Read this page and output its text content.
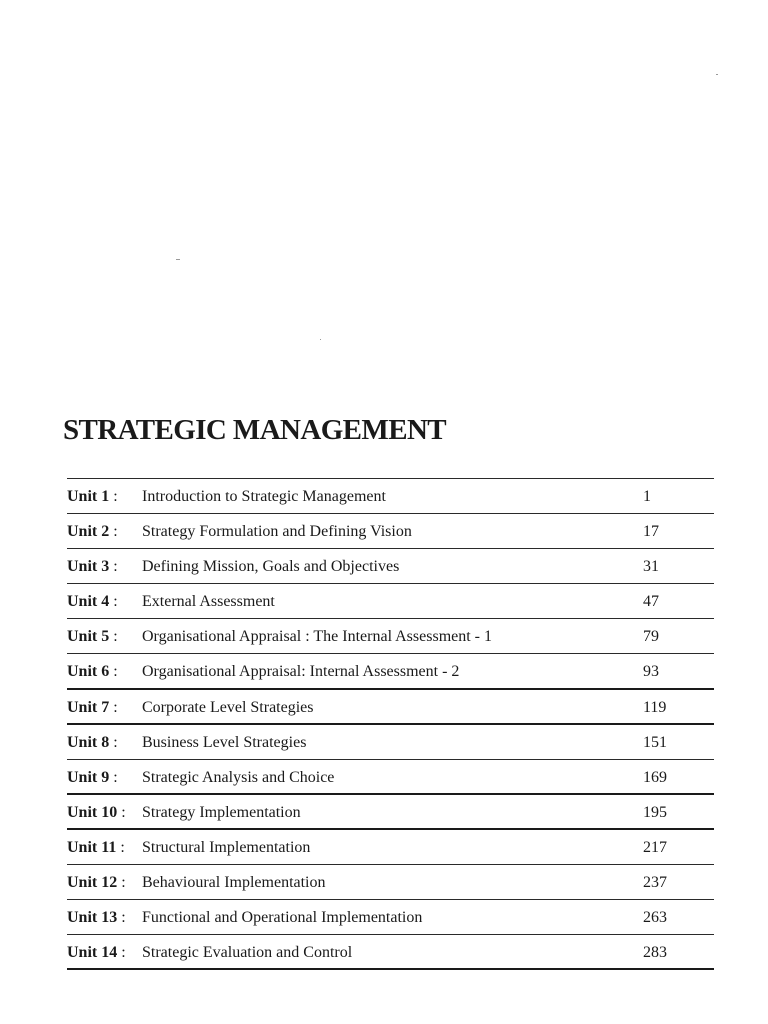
STRATEGIC MANAGEMENT
Unit 1 : Introduction to Strategic Management	1
Unit 2 : Strategy Formulation and Defining Vision	17
Unit 3 : Defining Mission, Goals and Objectives	31
Unit 4 : External Assessment	47
Unit 5 : Organisational Appraisal : The Internal Assessment - 1	79
Unit 6 : Organisational Appraisal: Internal Assessment - 2	93
Unit 7 : Corporate Level Strategies	119
Unit 8 : Business Level Strategies	151
Unit 9 : Strategic Analysis and Choice	169
Unit 10 : Strategy Implementation	195
Unit 11 : Structural Implementation	217
Unit 12 : Behavioural Implementation	237
Unit 13 : Functional and Operational Implementation	263
Unit 14 : Strategic Evaluation and Control	283
